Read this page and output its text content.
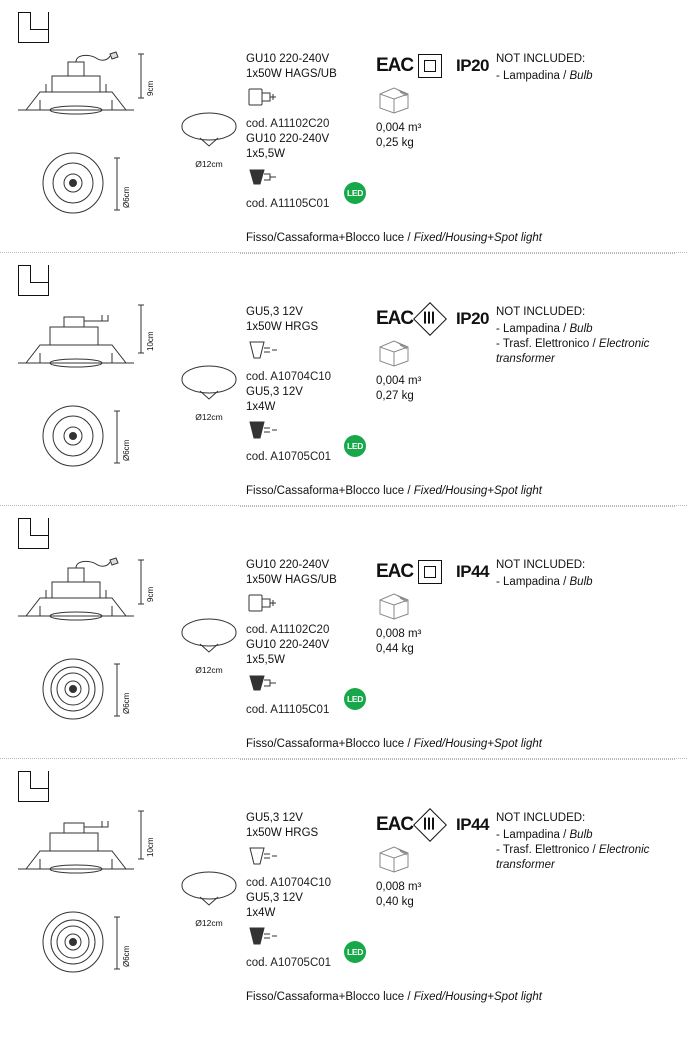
9cm
Ø6cm
Ø12cm
GU10 220-240V
1x50W HAGS/UB
cod. A11102C20
GU10 220-240V
1x5,5W
cod. A11105C01
LED
EAC	IP20
0,004 m³
0,25 kg
NOT INCLUDED:
- Lampadina / Bulb
Fisso/Cassaforma+Blocco luce / Fixed/Housing+Spot light
10cm
Ø6cm
Ø12cm
GU5,3 12V
1x50W HRGS
cod. A10704C10
GU5,3 12V
1x4W
cod. A10705C01
LED
EAC	IP20
0,004 m³
0,27 kg
NOT INCLUDED:
- Lampadina / Bulb
- Trasf. Elettronico / Electronic transformer
Fisso/Cassaforma+Blocco luce / Fixed/Housing+Spot light
9cm
Ø6cm
Ø12cm
GU10 220-240V
1x50W HAGS/UB
cod. A11102C20
GU10 220-240V
1x5,5W
cod. A11105C01
LED
EAC	IP44
0,008 m³
0,44 kg
NOT INCLUDED:
- Lampadina / Bulb
Fisso/Cassaforma+Blocco luce / Fixed/Housing+Spot light
10cm
Ø6cm
Ø12cm
GU5,3 12V
1x50W HRGS
cod. A10704C10
GU5,3 12V
1x4W
cod. A10705C01
LED
EAC	IP44
0,008 m³
0,40 kg
NOT INCLUDED:
- Lampadina / Bulb
- Trasf. Elettronico / Electronic transformer
Fisso/Cassaforma+Blocco luce / Fixed/Housing+Spot light
